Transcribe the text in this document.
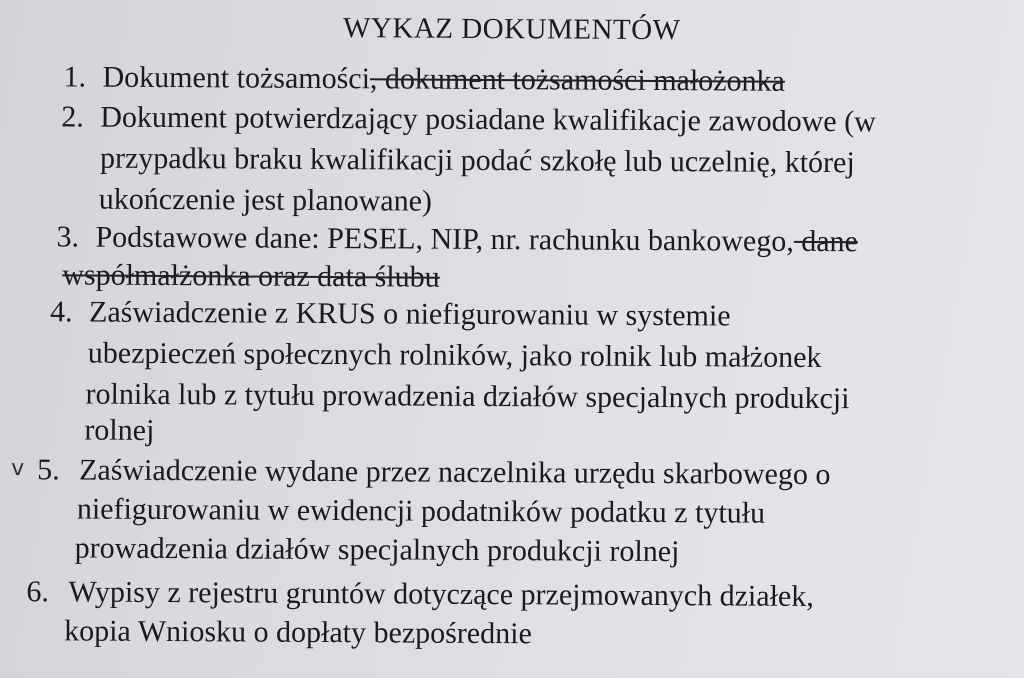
WYKAZ DOKUMENTÓW
1. Dokument tożsamości, dokument tożsamości małożonka
2. Dokument potwierdzający posiadane kwalifikacje zawodowe (w
przypadku braku kwalifikacji podać szkołę lub uczelnię, której
ukończenie jest planowane)
3. Podstawowe dane: PESEL, NIP, nr. rachunku bankowego, dane
współmałżonka oraz data ślubu
4. Zaświadczenie z KRUS o niefigurowaniu w systemie
ubezpieczeń społecznych rolników, jako rolnik lub małżonek
rolnika lub z tytułu prowadzenia działów specjalnych produkcji
rolnej
v 5. Zaświadczenie wydane przez naczelnika urzędu skarbowego o
niefigurowaniu w ewidencji podatników podatku z tytułu
prowadzenia działów specjalnych produkcji rolnej
6. Wypisy z rejestru gruntów dotyczące przejmowanych działek,
kopia Wniosku o dopłaty bezpośrednie
